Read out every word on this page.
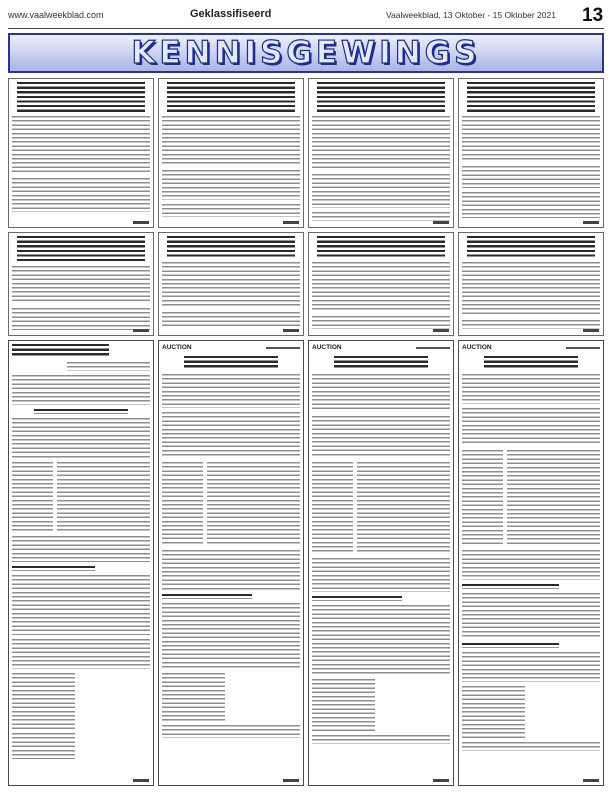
www.vaalweekblad.com	Geklassifiseerd	Vaalweekblad, 13 Oktober - 15 Oktober 2021 13
KENNISGEWINGS
AUCTION	AUCTION	AUCTION
